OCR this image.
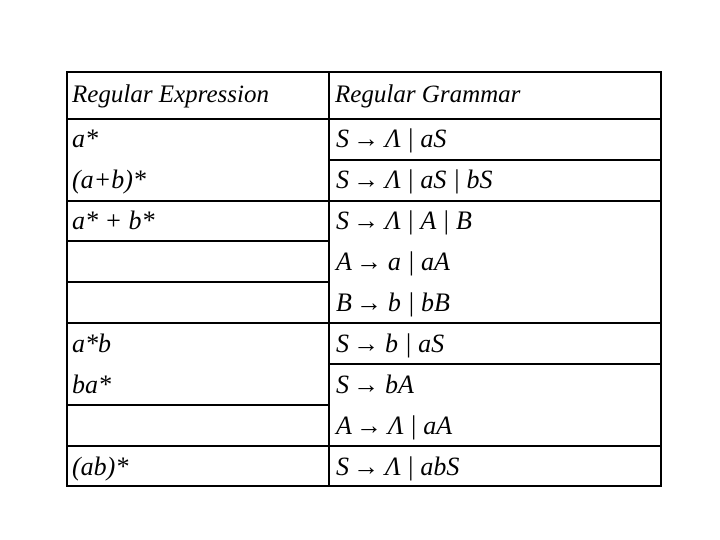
Regular Expression	Regular Grammar
a*
(a+b)*
a* + b*
a*b
ba*
(ab)*
S → Λ | aS
S → Λ | aS | bS
S → Λ | A | B
A → a | aA
B → b | bB
S → b | aS
S → bA
A → Λ | aA
S → Λ | abS
